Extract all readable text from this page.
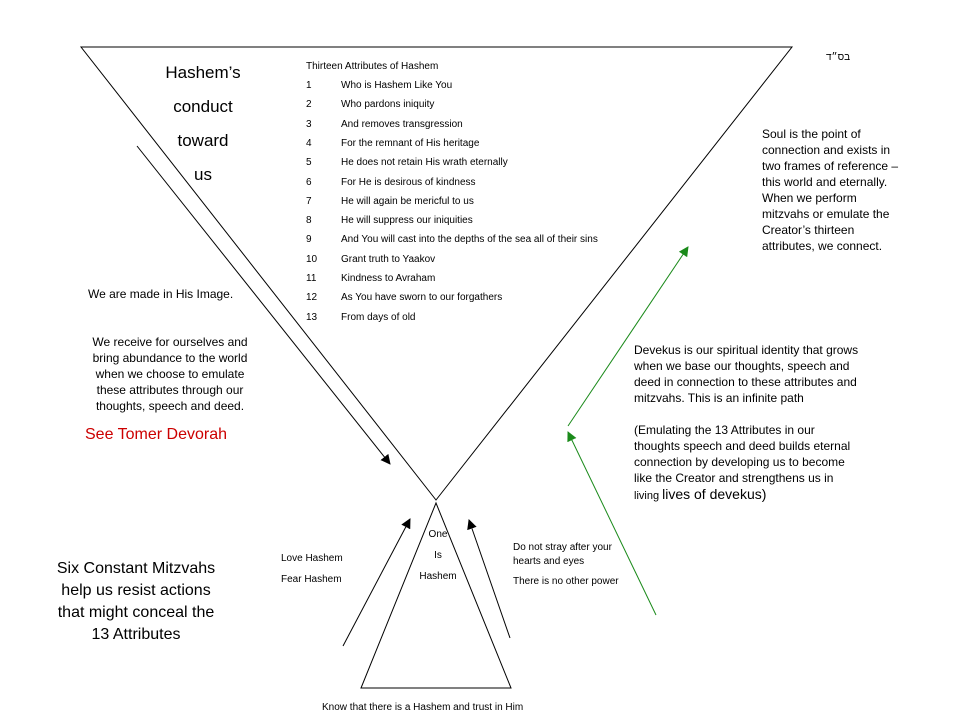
Hashem’s
conduct
toward
us
בס״ד
Thirteen Attributes of Hashem
1	Who is Hashem Like You
2	Who pardons iniquity
3	And removes transgression
4	For the remnant of His heritage
5	He does not retain His wrath eternally
6	For He is desirous of kindness
7	He will again be mericful to us
8	He will suppress our iniquities
9	And You will cast into the depths of the sea all of their sins
10 Grant truth to Yaakov
11 Kindness to Avraham
12 As You have sworn to our forgathers
13 From days of old
Soul is the point of
connection and exists in
two frames of reference –
this world and eternally.
When we perform
mitzvahs or emulate the
Creator’s thirteen
attributes, we connect.
We are made in His Image.
We receive for ourselves and
bring abundance to the world
when we choose to emulate
these attributes through our
thoughts, speech and deed.
See Tomer Devorah
Devekus is our spiritual identity that grows
when we base our thoughts, speech and
deed in connection to these attributes and
mitzvahs. This is an infinite path
(Emulating the 13 Attributes in our
thoughts speech and deed builds eternal
connection by developing us to become
like the Creator and strengthens us in
living lives of devekus)
One
Is
Hashem
Love Hashem
Fear Hashem
Do not stray after your
hearts and eyes
There is no other power
Know that there is a Hashem and trust in Him
Six Constant Mitzvahs
help us resist actions
that might conceal the
13 Attributes
